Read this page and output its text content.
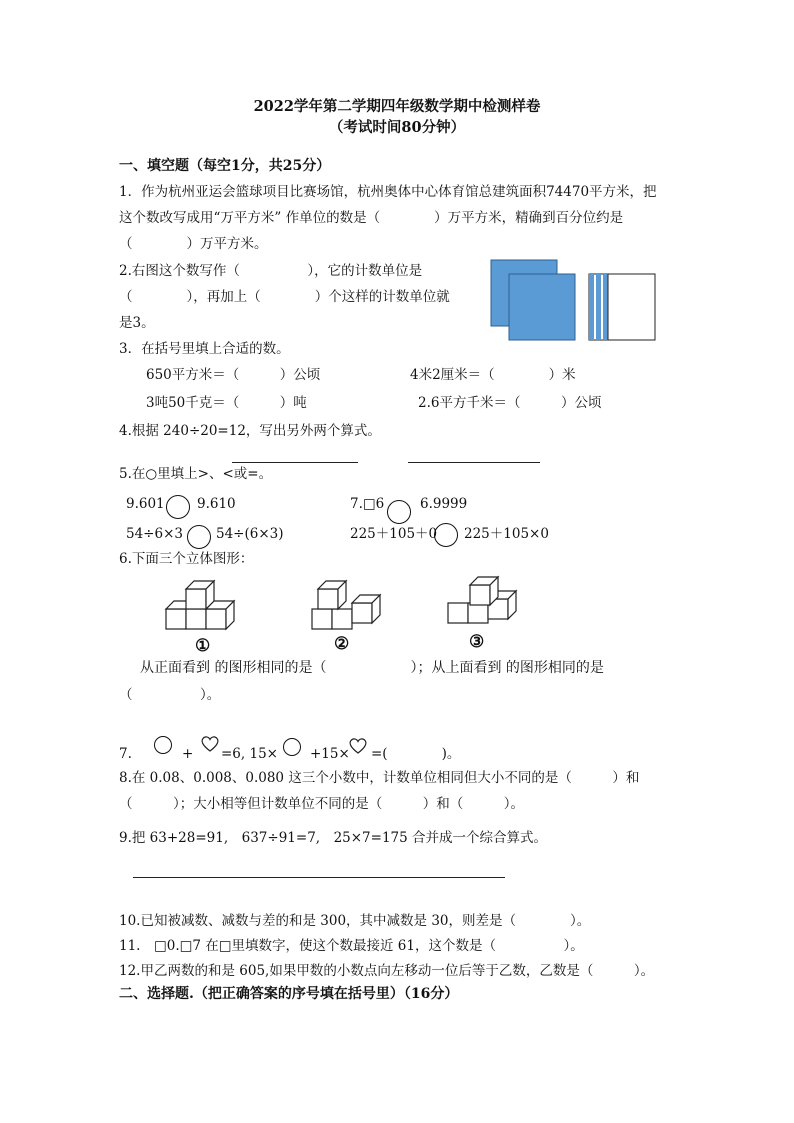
2022学年第二学期四年级数学期中检测样卷
（考试时间80分钟）
一、填空题（每空1分，共25分）
1．作为杭州亚运会篮球项目比赛场馆，杭州奥体中心体育馆总建筑面积74470平方米，把
这个数改写成用“万平方米” 作单位的数是（　　　　）万平方米，精确到百分位约是
（　　　　）万平方米。
2.右图这个数写作（　　　　　），它的计数单位是
（　　　　），再加上（　　　　）个这样的计数单位就
是3。
3．在括号里填上合适的数。
650平方米＝（　　　）公顷	4米2厘米＝（　　　　）米
3吨50千克＝（　　　）吨	2.6平方千米＝（　　　）公顷
4.根据 240÷20=12，写出另外两个算式。
5.在○里填上>、<或=。
9.601 9.610	7.□6	6.9999
54÷6×3 54÷(6×3)	225＋105＋0 225＋105×0
6.下面三个立体图形：
①	②	③
从正面看到 的图形相同的是（　　　　　　）；从上面看到 的图形相同的是
（　　　　　）。
7.	+ =6, 15× +15× =(　　　　)。
8.在 0.08、0.008、0.080 这三个小数中，计数单位相同但大小不同的是（　　　）和
（　　　）；大小相等但计数单位不同的是（　　　）和（　　　）。
9.把 63+28=91,　637÷91=7,　25×7=175 合并成一个综合算式。
10.已知被减数、减数与差的和是 300，其中减数是 30，则差是（　　　　）。
11.　□0.□7 在□里填数字，使这个数最接近 61，这个数是（　　　　　）。
12.甲乙两数的和是 605,如果甲数的小数点向左移动一位后等于乙数，乙数是（　　　）。
二、选择题.（把正确答案的序号填在括号里）（16分）
